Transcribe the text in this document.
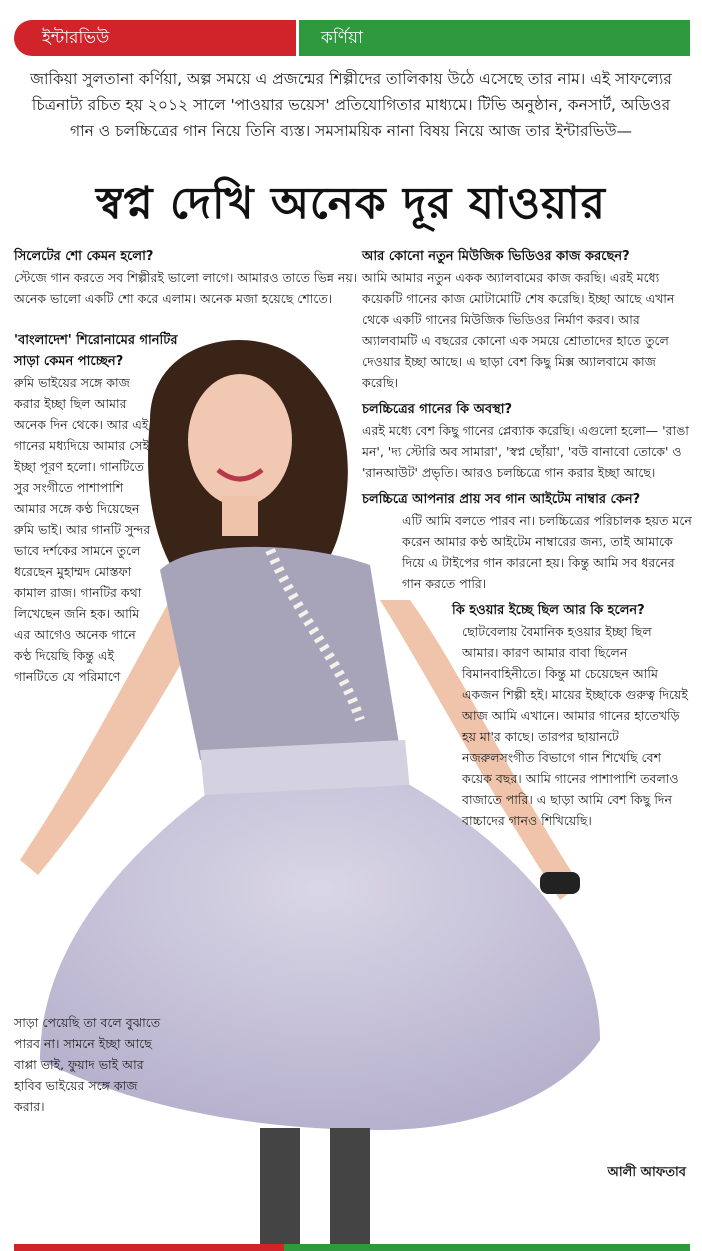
ইন্টারভিউ	কর্ণিয়া

জাকিয়া সুলতানা কর্ণিয়া, অল্প সময়ে এ প্রজন্মের শিল্পীদের তালিকায় উঠে এসেছে তার নাম। এই সাফল্যের চিত্রনাট্য রচিত হয় ২০১২ সালে 'পাওয়ার ভয়েস' প্রতিযোগিতার মাধ্যমে। টিভি অনুষ্ঠান, কনসার্ট, অডিওর গান ও চলচ্চিত্রের গান নিয়ে তিনি ব্যস্ত। সমসাময়িক নানা বিষয় নিয়ে আজ তার ইন্টারভিউ—

স্বপ্ন দেখি অনেক দূর যাওয়ার
সিলেটের শো কেমন হলো?
স্টেজে গান করতে সব শিল্পীরই ভালো লাগে। আমারও তাতে ভিন্ন নয়। অনেক ভালো একটি শো করে এলাম। অনেক মজা হয়েছে শোতে।
'বাংলাদেশ' শিরোনামের গানটির সাড়া কেমন পাচ্ছেন?
রুমি ভাইয়ের সঙ্গে কাজ করার ইচ্ছা ছিল আমার অনেক দিন থেকে। আর এই গানের মধ্যদিয়ে আমার সেই ইচ্ছা পূরণ হলো। গানটিতে সুর সংগীতে পাশাপাশি আমার সঙ্গে কণ্ঠ দিয়েছেন রুমি ভাই। আর গানটি সুন্দর ভাবে দর্শকের সামনে তুলে ধরেছেন মুহাম্মদ মোস্তফা কামাল রাজ। গানটির কথা লিখেছেন জনি হক। আমি এর আগেও অনেক গানে কণ্ঠ দিয়েছি কিন্তু এই গানটিতে যে পরিমাণে
সাড়া পেয়েছি তা বলে বুঝাতে পারব না। সামনে ইচ্ছা আছে বাপ্পা ভাই, ফুয়াদ ভাই আর হাবিব ভাইয়ের সঙ্গে কাজ করার।
আর কোনো নতুন মিউজিক ভিডিওর কাজ করছেন?
আমি আমার নতুন একক অ্যালবামের কাজ করছি। এরই মধ্যে কয়েকটি গানের কাজ মোটামোটি শেষ করেছি। ইচ্ছা আছে এখান থেকে একটি গানের মিউজিক ভিডিওর নির্মাণ করব। আর অ্যালবামটি এ বছরের কোনো এক সময়ে শ্রোতাদের হাতে তুলে দেওয়ার ইচ্ছা আছে। এ ছাড়া বেশ কিছু মিক্স অ্যালবামে কাজ করেছি।
চলচ্চিত্রের গানের কি অবস্থা?
এরই মধ্যে বেশ কিছু গানের প্লেব্যাক করেছি। এগুলো হলো— 'রাঙা মন', 'দ্য স্টোরি অব সামারা', 'স্বপ্ন ছোঁয়া', 'বউ বানাবো তোকে' ও 'রানআউট' প্রভৃতি। আরও চলচ্চিত্রে গান করার ইচ্ছা আছে।
চলচ্চিত্রে আপনার প্রায় সব গান আইটেম নাম্বার কেন?
এটি আমি বলতে পারব না। চলচ্চিত্রের পরিচালক হয়ত মনে করেন আমার কণ্ঠ আইটেম নাম্বারের জন্য, তাই আমাকে দিয়ে এ টাইপের গান কারনো হয়। কিন্তু আমি সব ধরনের গান করতে পারি।
কি হওয়ার ইচ্ছে ছিল আর কি হলেন?
ছোটবেলায় বৈমানিক হওয়ার ইচ্ছা ছিল আমার। কারণ আমার বাবা ছিলেন বিমানবাহিনীতে। কিন্তু মা চেয়েছেন আমি একজন শিল্পী হই। মায়ের ইচ্ছাকে গুরুত্ব দিয়েই আজ আমি এখানে। আমার গানের হাতেখড়ি হয় মা'র কাছে। তারপর ছায়ানটে নজরুলসংগীত বিভাগে গান শিখেছি বেশ কয়েক বছর। আমি গানের পাশাপাশি তবলাও বাজাতে পারি। এ ছাড়া আমি বেশ কিছু দিন বাচ্চাদের গানও শিখিয়েছি।
আলী আফতাব
